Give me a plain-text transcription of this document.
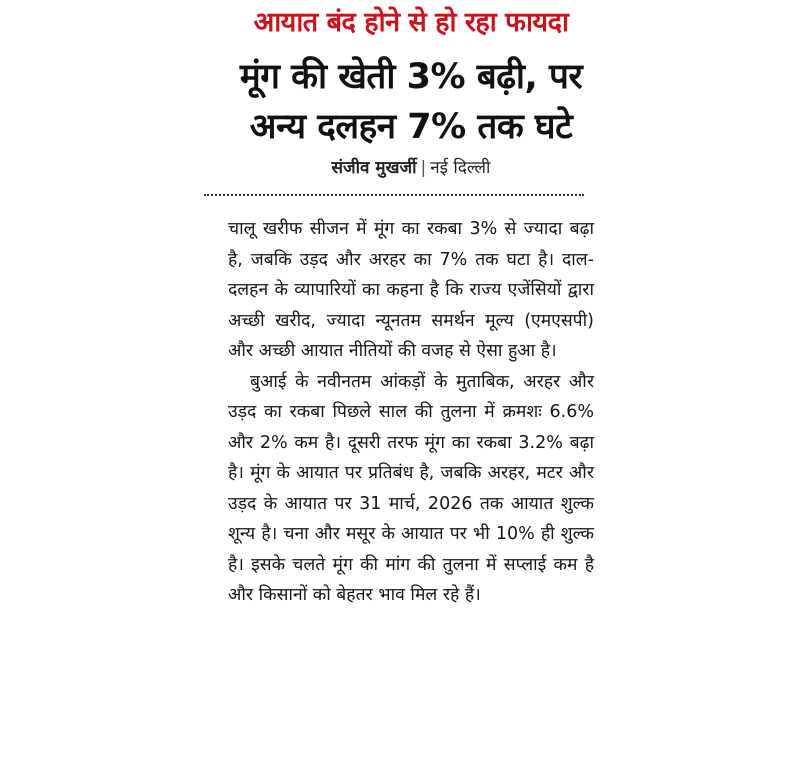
आयात बंद होने से हो रहा फायदा
मूंग की खेती 3% बढ़ी, पर
अन्य दलहन 7% तक घटे
संजीव मुखर्जी | नई दिल्ली

चालू खरीफ सीजन में मूंग का रकबा 3% से ज्यादा बढ़ा है, जबकि उड़द और अरहर का 7% तक घटा है। दाल-दलहन के व्यापारियों का कहना है कि राज्य एजेंसियों द्वारा अच्छी खरीद, ज्यादा न्यूनतम समर्थन मूल्य (एमएसपी) और अच्छी आयात नीतियों की वजह से ऐसा हुआ है।

बुआई के नवीनतम आंकड़ों के मुताबिक, अरहर और उड़द का रकबा पिछले साल की तुलना में क्रमशः 6.6% और 2% कम है। दूसरी तरफ मूंग का रकबा 3.2% बढ़ा है। मूंग के आयात पर प्रतिबंध है, जबकि अरहर, मटर और उड़द के आयात पर 31 मार्च, 2026 तक आयात शुल्क शून्य है। चना और मसूर के आयात पर भी 10% ही शुल्क है। इसके चलते मूंग की मांग की तुलना में सप्लाई कम है और किसानों को बेहतर भाव मिल रहे हैं।
